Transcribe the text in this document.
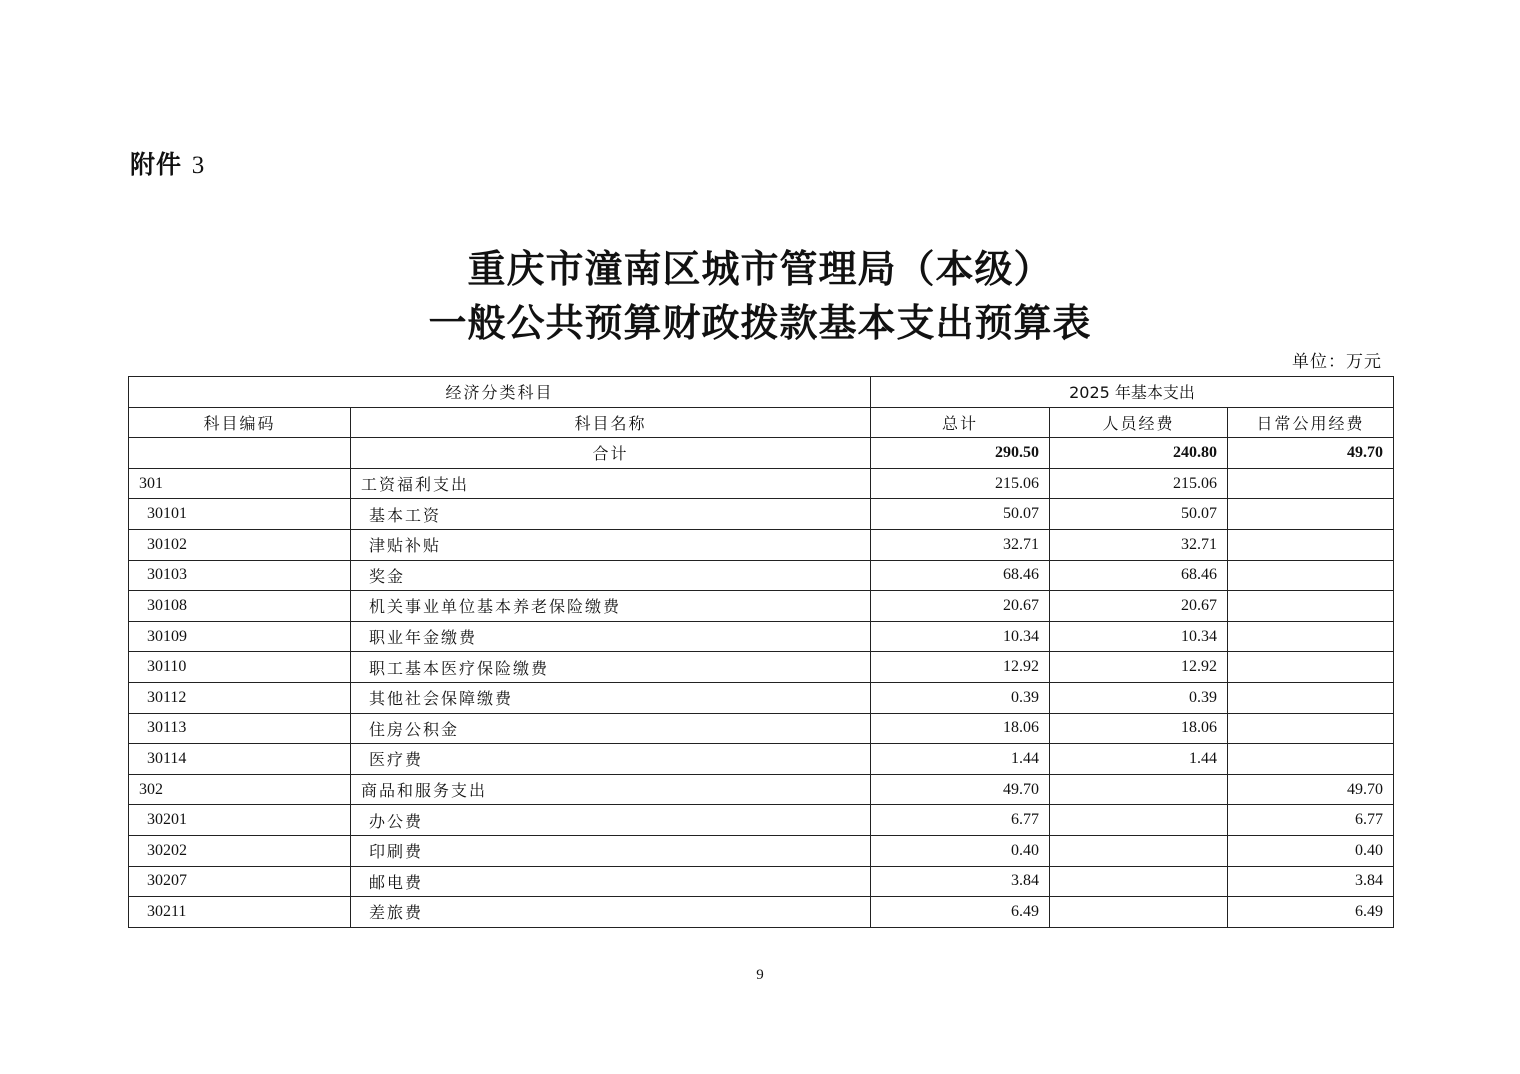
附件 3
重庆市潼南区城市管理局（本级）
一般公共预算财政拨款基本支出预算表
单位：万元
经济分类科目		2025 年基本支出		
科目编码	科目名称	总计	人员经费	日常公用经费
	合计	290.50	240.80	49.70
301	工资福利支出	215.06	215.06	
30101	基本工资	50.07	50.07	
30102	津贴补贴	32.71	32.71	
30103	奖金	68.46	68.46	
30108	机关事业单位基本养老保险缴费	20.67	20.67	
30109	职业年金缴费	10.34	10.34	
30110	职工基本医疗保险缴费	12.92	12.92	
30112	其他社会保障缴费	0.39	0.39	
30113	住房公积金	18.06	18.06	
30114	医疗费	1.44	1.44	
302	商品和服务支出	49.70		49.70
30201	办公费	6.77		6.77
30202	印刷费	0.40		0.40
30207	邮电费	3.84		3.84
30211	差旅费	6.49		6.49
9
